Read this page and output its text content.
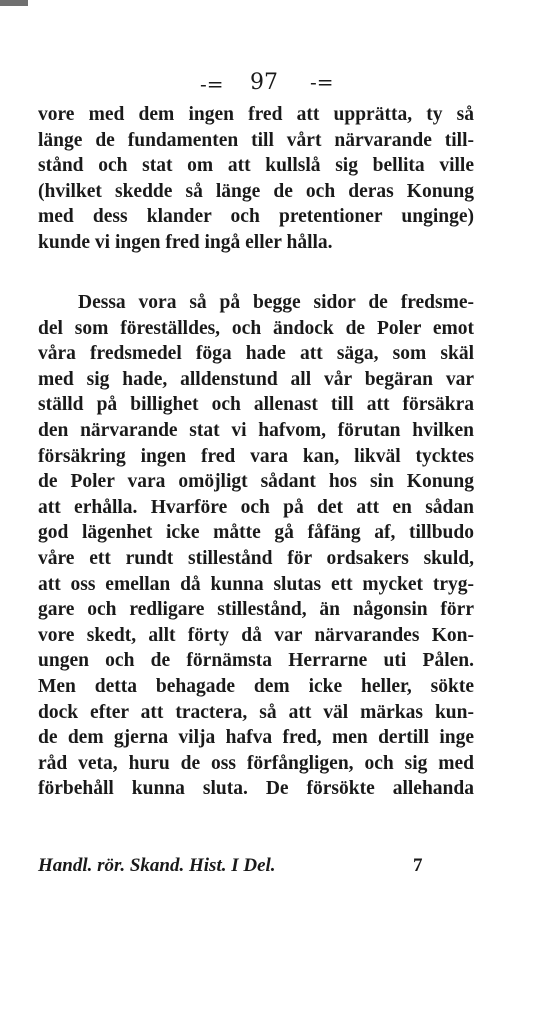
-= 97 -=
vore med dem ingen fred att upprätta, ty så
länge de fundamenten till vårt närvarande till-
stånd och stat om att kullslå sig bellita ville
(hvilket skedde så länge de och deras Konung
med dess klander och pretentioner unginge)
kunde vi ingen fred ingå eller hålla.
Dessa vora så på begge sidor de fredsme-
del som föreställdes, och ändock de Poler emot
våra fredsmedel föga hade att säga, som skäl
med sig hade, alldenstund all vår begäran var
ställd på billighet och allenast till att försäkra
den närvarande stat vi hafvom, förutan hvilken
försäkring ingen fred vara kan, likväl tycktes
de Poler vara omöjligt sådant hos sin Konung
att erhålla. Hvarföre och på det att en sådan
god lägenhet icke måtte gå fåfäng af, tillbudo
våre ett rundt stillestånd för ordsakers skuld,
att oss emellan då kunna slutas ett mycket tryg-
gare och redligare stillestånd, än någonsin förr
vore skedt, allt förty då var närvarandes Kon-
ungen och de förnämsta Herrarne uti Pålen.
Men detta behagade dem icke heller, sökte
dock efter att tractera, så att väl märkas kun-
de dem gjerna vilja hafva fred, men dertill inge
råd veta, huru de oss förfångligen, och sig med
förbehåll kunna sluta. De försökte allehanda
Handl. rör. Skand. Hist. I Del.	7
